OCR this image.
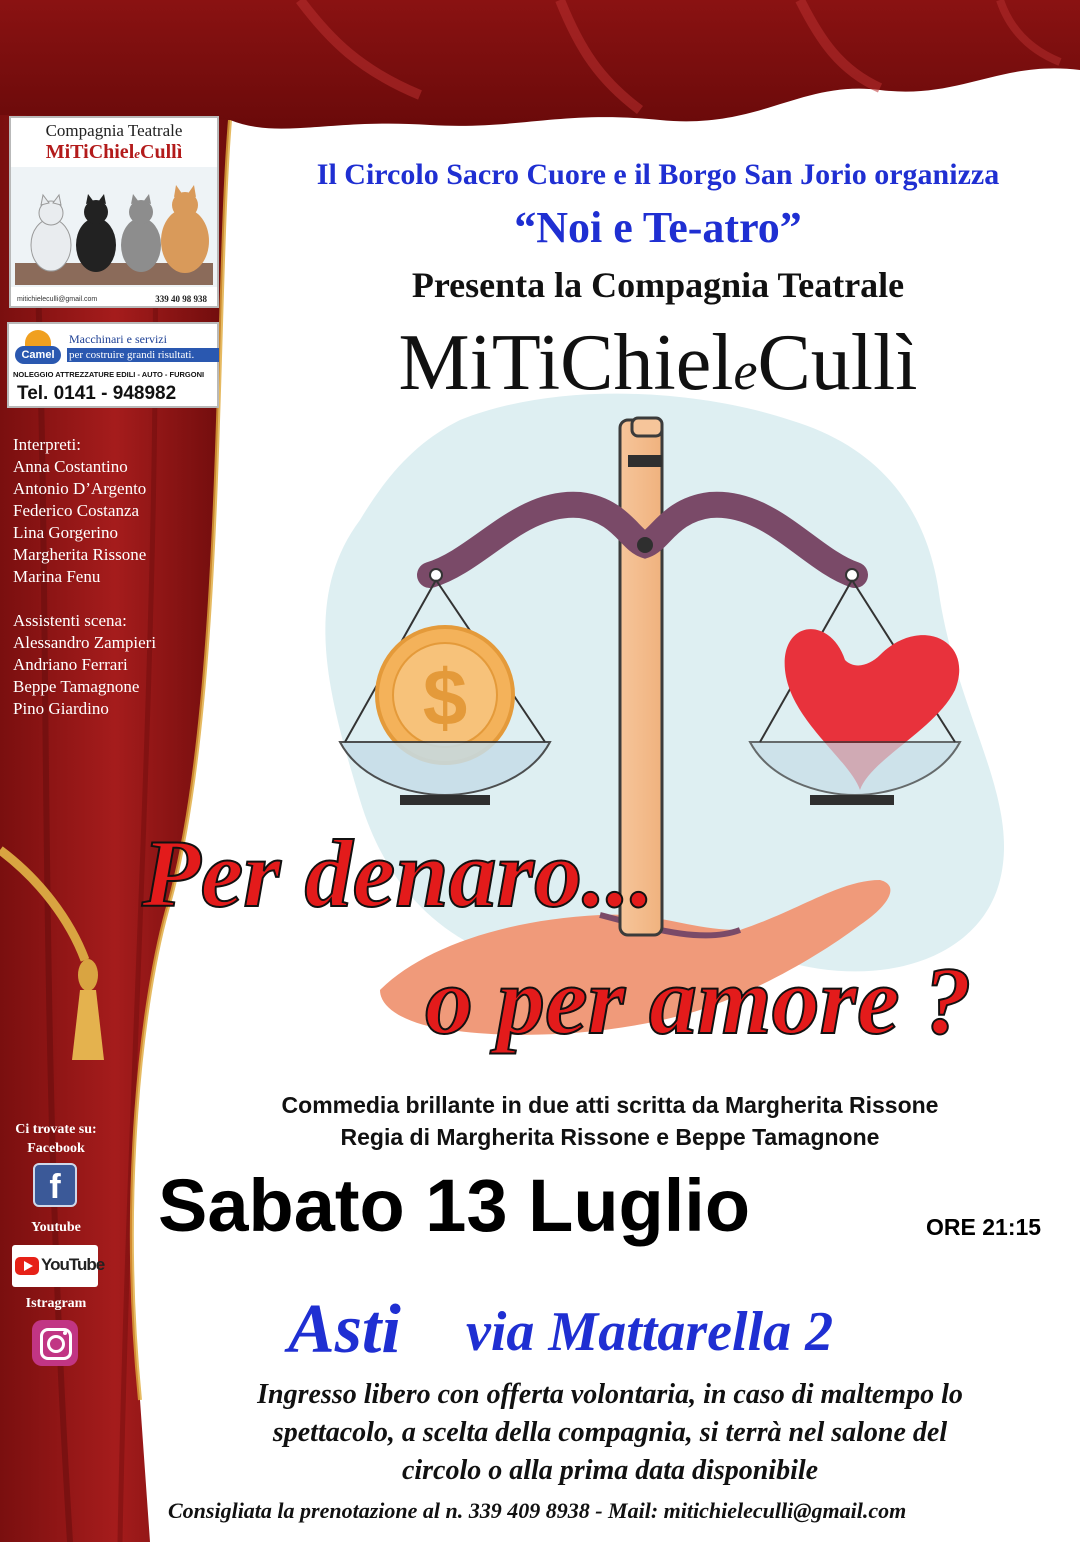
$
Compagnia Teatrale
MiTiChieleCullì
mitichieleculli@gmail.com	339 40 98 938
Camel
Macchinari e servizi
per costruire grandi risultati.
NOLEGGIO ATTREZZATURE EDILI - AUTO - FURGONI
Tel. 0141 - 948982
Interpreti:
Anna Costantino
Antonio D’Argento
Federico Costanza
Lina Gorgerino
Margherita Rissone
Marina Fenu
Assistenti scena:
Alessandro Zampieri
Andriano Ferrari
Beppe Tamagnone
Pino Giardino
Ci trovate su:
Facebook
f
Youtube
YouTube
Istragram
Il Circolo Sacro Cuore e il Borgo San Jorio organizza
“Noi e Te-atro”
Presenta la Compagnia Teatrale
MiTiChieleCullì
Per denaro...
o per amore ?
Commedia brillante in due atti scritta da Margherita Rissone
Regia di Margherita Rissone e Beppe Tamagnone
Sabato 13 Luglio	ORE 21:15
Asti via Mattarella 2
Ingresso libero con offerta volontaria, in caso di maltempo lo
spettacolo, a scelta della compagnia, si terrà nel salone del
circolo o alla prima data disponibile
Consigliata la prenotazione al n. 339 409 8938 - Mail: mitichieleculli@gmail.com
